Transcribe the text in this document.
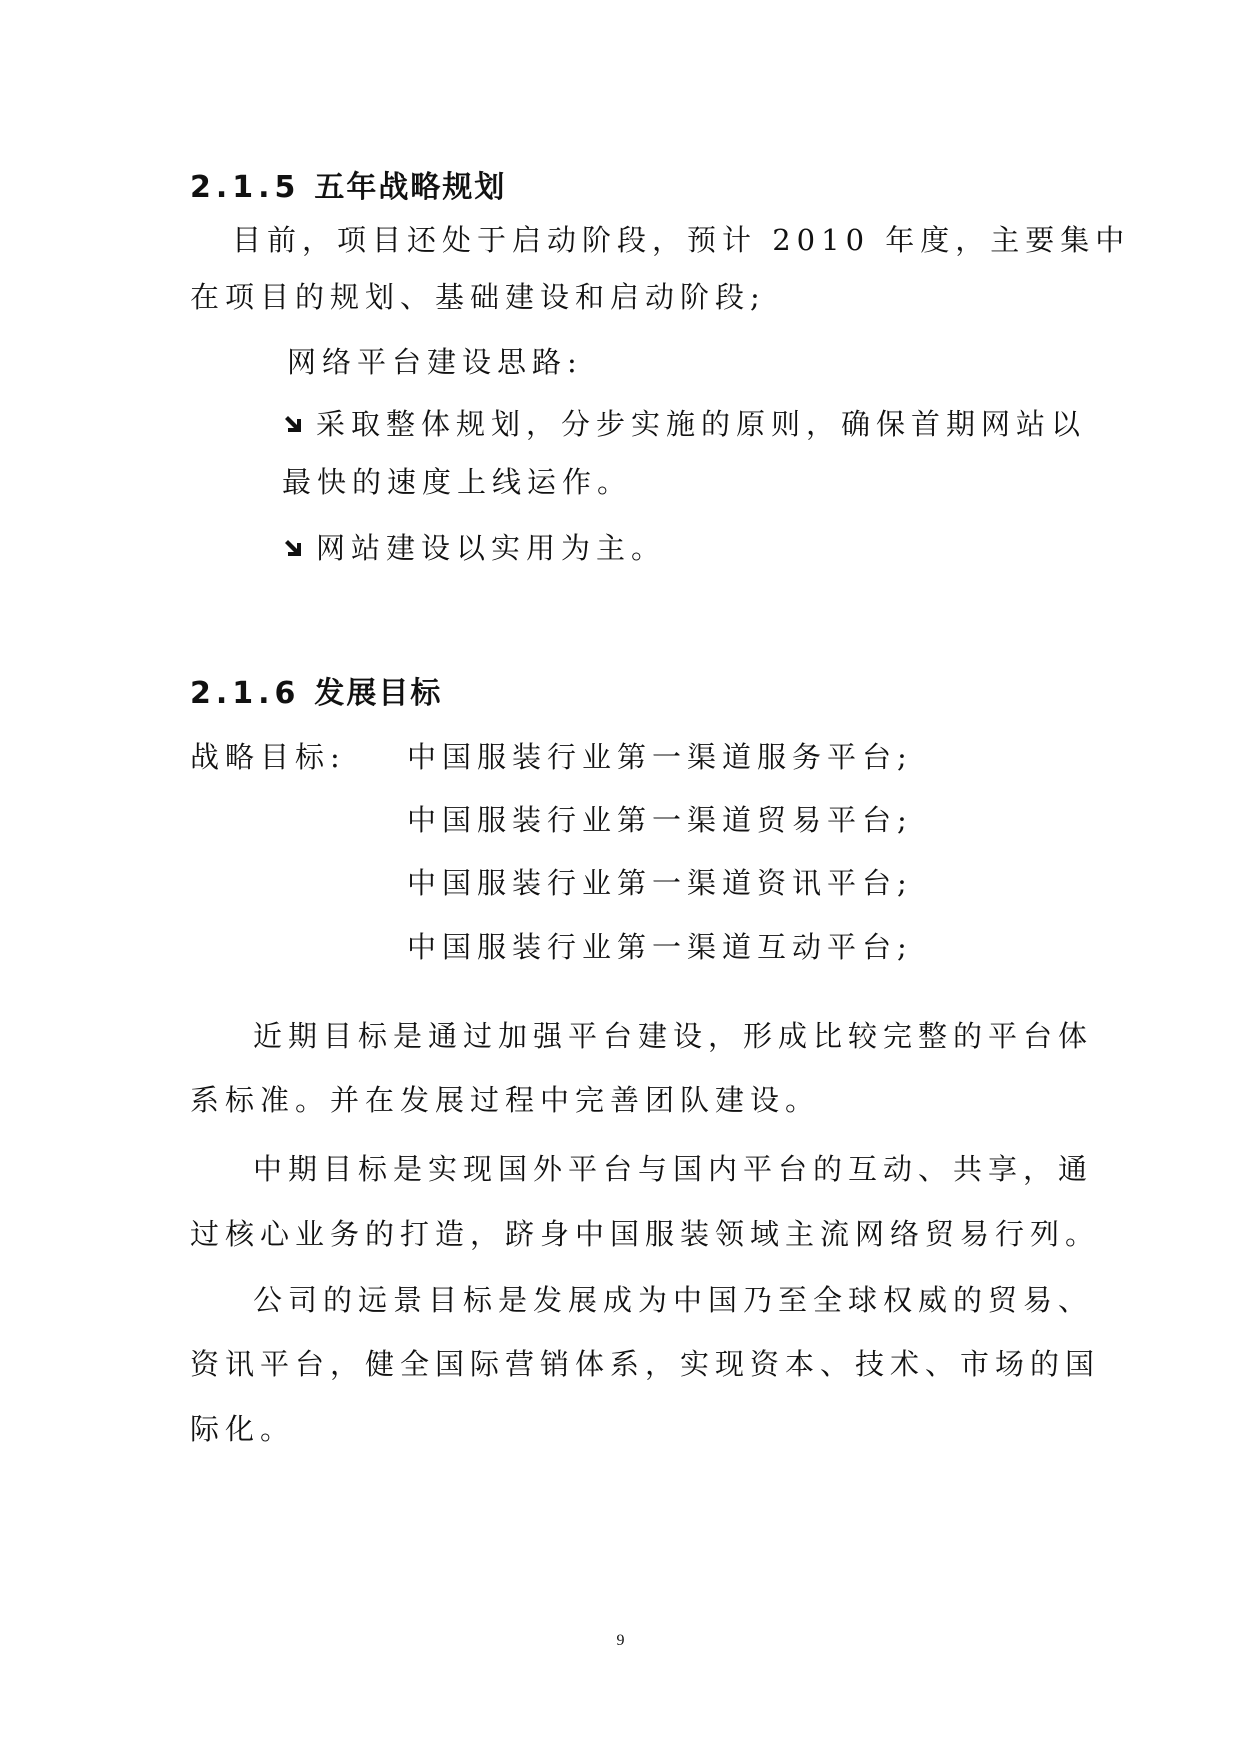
2.1.5 五年战略规划
目前，项目还处于启动阶段，预计 2010 年度，主要集中
在项目的规划、基础建设和启动阶段;
网络平台建设思路:
采取整体规划，分步实施的原则，确保首期网站以
最快的速度上线运作。
网站建设以实用为主。
2.1.6 发展目标
战略目标: 中国服装行业第一渠道服务平台;
中国服装行业第一渠道贸易平台;
中国服装行业第一渠道资讯平台;
中国服装行业第一渠道互动平台;
近期目标是通过加强平台建设，形成比较完整的平台体
系标准。并在发展过程中完善团队建设。
中期目标是实现国外平台与国内平台的互动、共享，通
过核心业务的打造，跻身中国服装领域主流网络贸易行列。
公司的远景目标是发展成为中国乃至全球权威的贸易、
资讯平台，健全国际营销体系，实现资本、技术、市场的国
际化。
9
